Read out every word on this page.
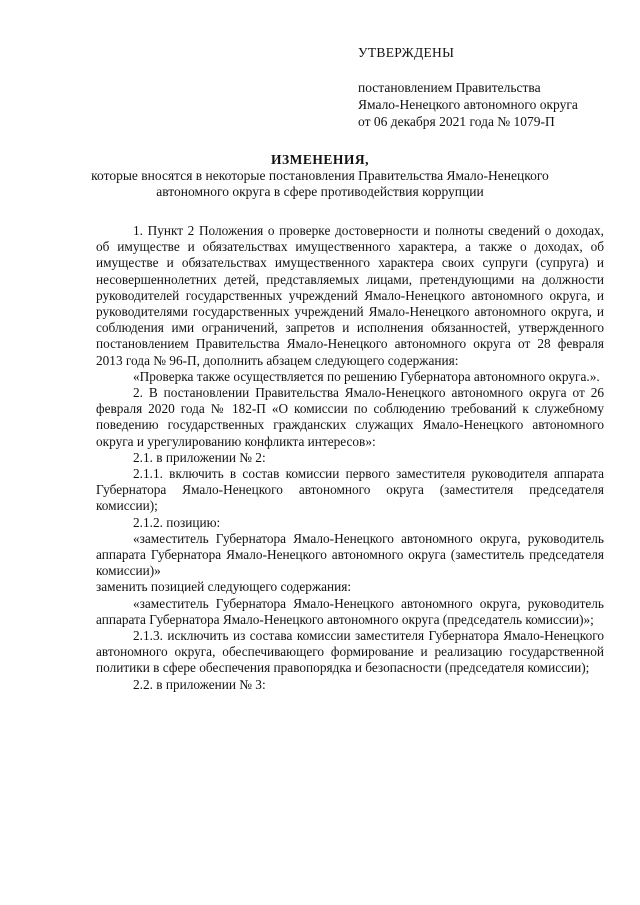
УТВЕРЖДЕНЫ

постановлением Правительства

Ямало-Ненецкого автономного округа

от 06 декабря 2021 года № 1079-П

ИЗМЕНЕНИЯ,

которые вносятся в некоторые постановления Правительства Ямало-Ненецкого автономного округа в сфере противодействия коррупции

1. Пункт 2 Положения о проверке достоверности и полноты сведений о доходах, об имуществе и обязательствах имущественного характера, а также о доходах, об имуществе и обязательствах имущественного характера своих супруги (супруга) и несовершеннолетних детей, представляемых лицами, претендующими на должности руководителей государственных учреждений Ямало-Ненецкого автономного округа, и руководителями государственных учреждений Ямало-Ненецкого автономного округа, и соблюдения ими ограничений, запретов и исполнения обязанностей, утвержденного постановлением Правительства Ямало-Ненецкого автономного округа от 28 февраля 2013 года № 96-П, дополнить абзацем следующего содержания:

«Проверка также осуществляется по решению Губернатора автономного округа.».

2. В постановлении Правительства Ямало-Ненецкого автономного округа от 26 февраля 2020 года № 182-П «О комиссии по соблюдению требований к служебному поведению государственных гражданских служащих Ямало-Ненецкого автономного округа и урегулированию конфликта интересов»:

2.1. в приложении № 2:

2.1.1. включить в состав комиссии первого заместителя руководителя аппарата Губернатора Ямало-Ненецкого автономного округа (заместителя председателя комиссии);

2.1.2. позицию:

«заместитель Губернатора Ямало-Ненецкого автономного округа, руководитель аппарата Губернатора Ямало-Ненецкого автономного округа (заместитель председателя комиссии)»

заменить позицией следующего содержания:

«заместитель Губернатора Ямало-Ненецкого автономного округа, руководитель аппарата Губернатора Ямало-Ненецкого автономного округа (председатель комиссии)»;

2.1.3. исключить из состава комиссии заместителя Губернатора Ямало-Ненецкого автономного округа, обеспечивающего формирование и реализацию государственной политики в сфере обеспечения правопорядка и безопасности (председателя комиссии);

2.2. в приложении № 3:
